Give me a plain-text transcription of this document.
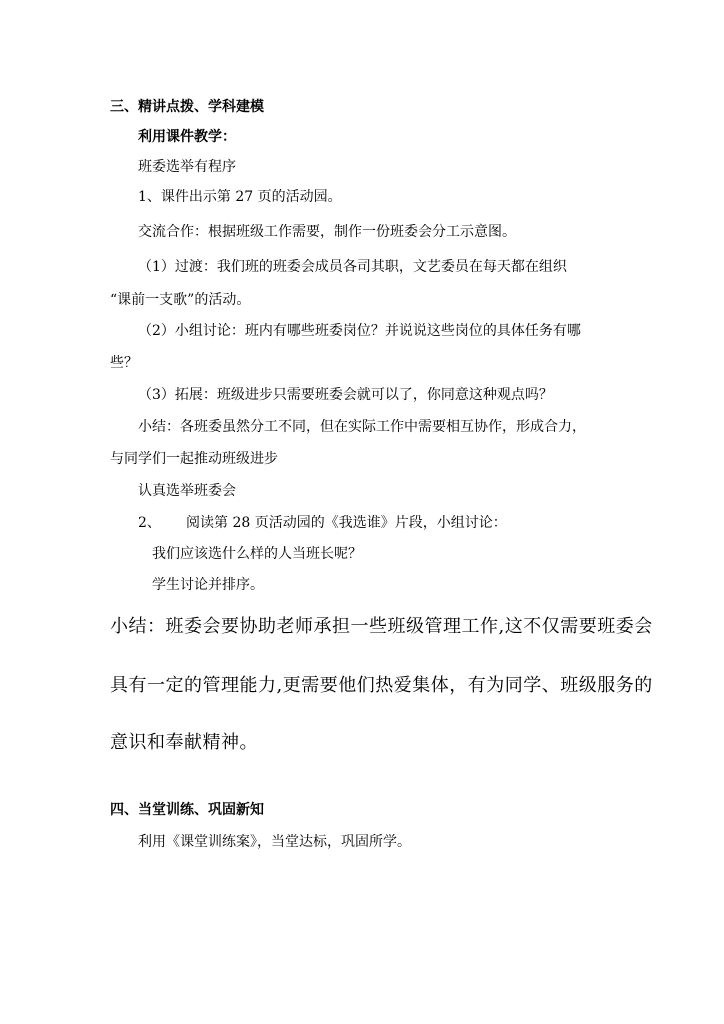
三、精讲点拨、学科建模
利用课件教学：
班委选举有程序
1、课件出示第 27 页的活动园。
交流合作：根据班级工作需要，制作一份班委会分工示意图。
（1）过渡：我们班的班委会成员各司其职，文艺委员在每天都在组织
“课前一支歌”的活动。
（2）小组讨论：班内有哪些班委岗位？并说说这些岗位的具体任务有哪
些？
（3）拓展：班级进步只需要班委会就可以了，你同意这种观点吗？
小结：各班委虽然分工不同，但在实际工作中需要相互协作，形成合力，
与同学们一起推动班级进步
认真选举班委会
2、 阅读第 28 页活动园的《我选谁》片段，小组讨论：
我们应该选什么样的人当班长呢？
学生讨论并排序。
小结：班委会要协助老师承担一些班级管理工作,这不仅需要班委会
具有一定的管理能力,更需要他们热爱集体，有为同学、班级服务的
意识和奉献精神。
四、当堂训练、巩固新知
利用《课堂训练案》，当堂达标，巩固所学。
